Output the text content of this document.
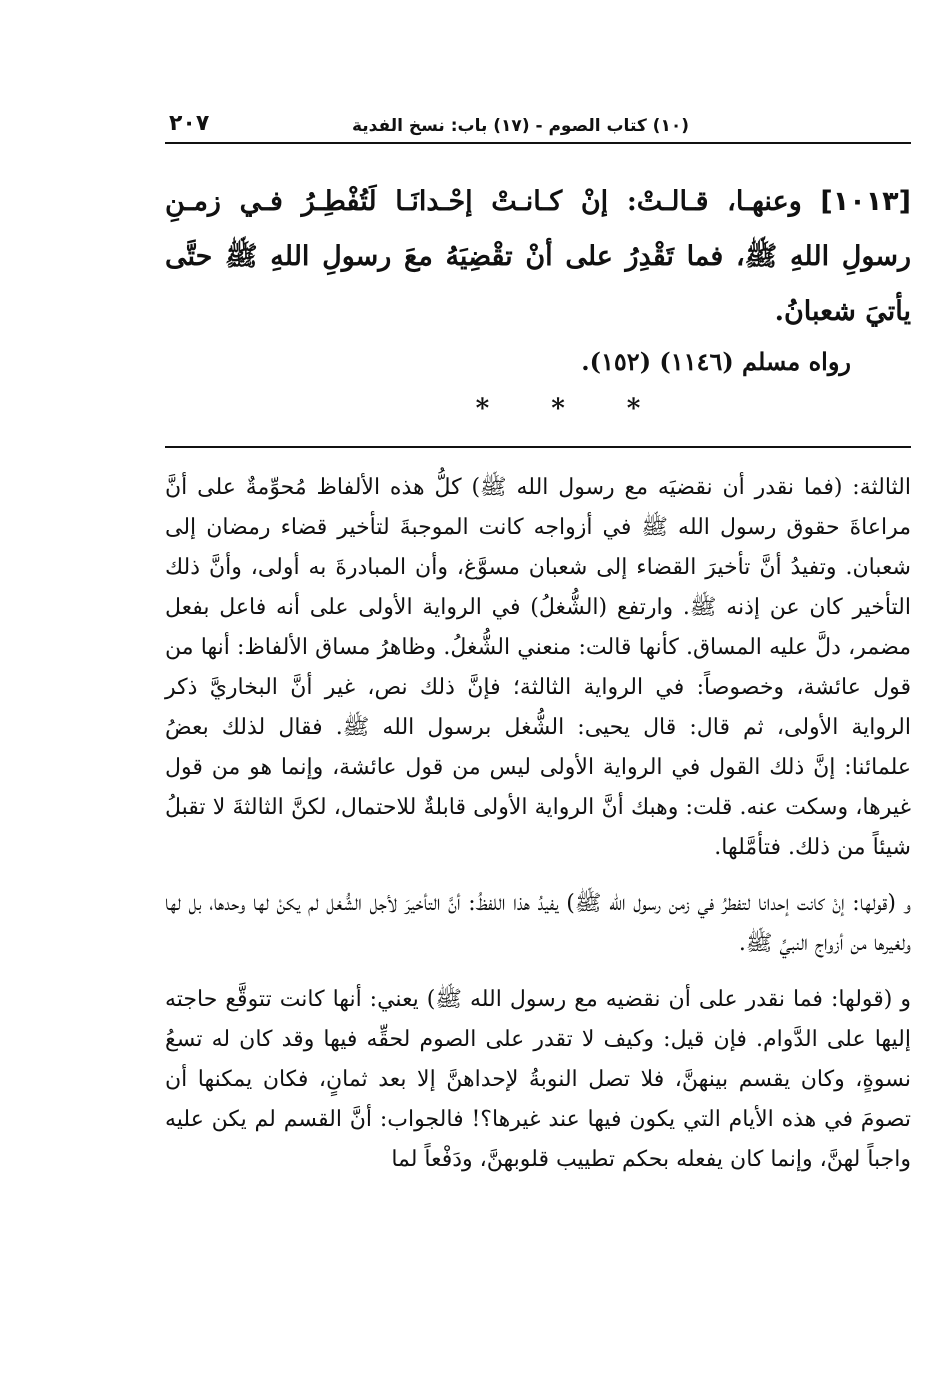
(١٠) كتاب الصوم - (١٧) باب: نسخ الفدية
٢٠٧
[١٠١٣] وعنهـا، قـالـتْ: إنْ كـانـتْ إحْـدانَـا لَتُفْطِـرُ فـي زمـنِ رسولِ اللهِ ﷺ، فما تَقْدِرُ على أنْ تقْضِيَهُ معَ رسولِ اللهِ ﷺ حتَّى يأتيَ شعبانُ.
رواه مسلم (١١٤٦) (١٥٢).
* * *

الثالثة: (فما نقدر أن نقضيَه مع رسول الله ﷺ) كلُّ هذه الألفاظ مُحوِّمةٌ على أنَّ مراعاةَ حقوق رسول الله ﷺ في أزواجه كانت الموجبةَ لتأخير قضاء رمضان إلى شعبان. وتفيدُ أنَّ تأخيرَ القضاء إلى شعبان مسوَّغ، وأن المبادرةَ به أولى، وأنَّ ذلك التأخير كان عن إذنه ﷺ. وارتفع (الشُّغلُ) في الرواية الأولى على أنه فاعل بفعل مضمر، دلَّ عليه المساق. كأنها قالت: منعني الشُّغلُ. وظاهرُ مساق الألفاظ: أنها من قول عائشة، وخصوصاً: في الرواية الثالثة؛ فإنَّ ذلك نص، غير أنَّ البخاريَّ ذكر الرواية الأولى، ثم قال: قال يحيى: الشُّغل برسول الله ﷺ. فقال لذلك بعضُ علمائنا: إنَّ ذلك القول في الرواية الأولى ليس من قول عائشة، وإنما هو من قول غيرها، وسكت عنه. قلت: وهبك أنَّ الرواية الأولى قابلةٌ للاحتمال، لكنَّ الثالثةَ لا تقبلُ شيئاً من ذلك. فتأمَّلها.

و (قولها: إنْ كانت إحدانا لتفطرُ في زمن رسول الله ﷺ) يفيدُ هذا اللفظُ: أنَّ التأخيرَ لأجل الشُّغل لم يكنْ لها وحدها، بل لها ولغيرها من أزواج النبيِّ ﷺ.

و (قولها: فما نقدر على أن نقضيه مع رسول الله ﷺ) يعني: أنها كانت تتوقَّع حاجته إليها على الدَّوام. فإن قيل: وكيف لا تقدر على الصوم لحقِّه فيها وقد كان له تسعُ نسوةٍ، وكان يقسم بينهنَّ، فلا تصل النوبةُ لإحداهنَّ إلا بعد ثمانٍ، فكان يمكنها أن تصومَ في هذه الأيام التي يكون فيها عند غيرها؟! فالجواب: أنَّ القسم لم يكن عليه واجباً لهنَّ، وإنما كان يفعله بحكم تطييب قلوبهنَّ، ودَفْعاً لما
